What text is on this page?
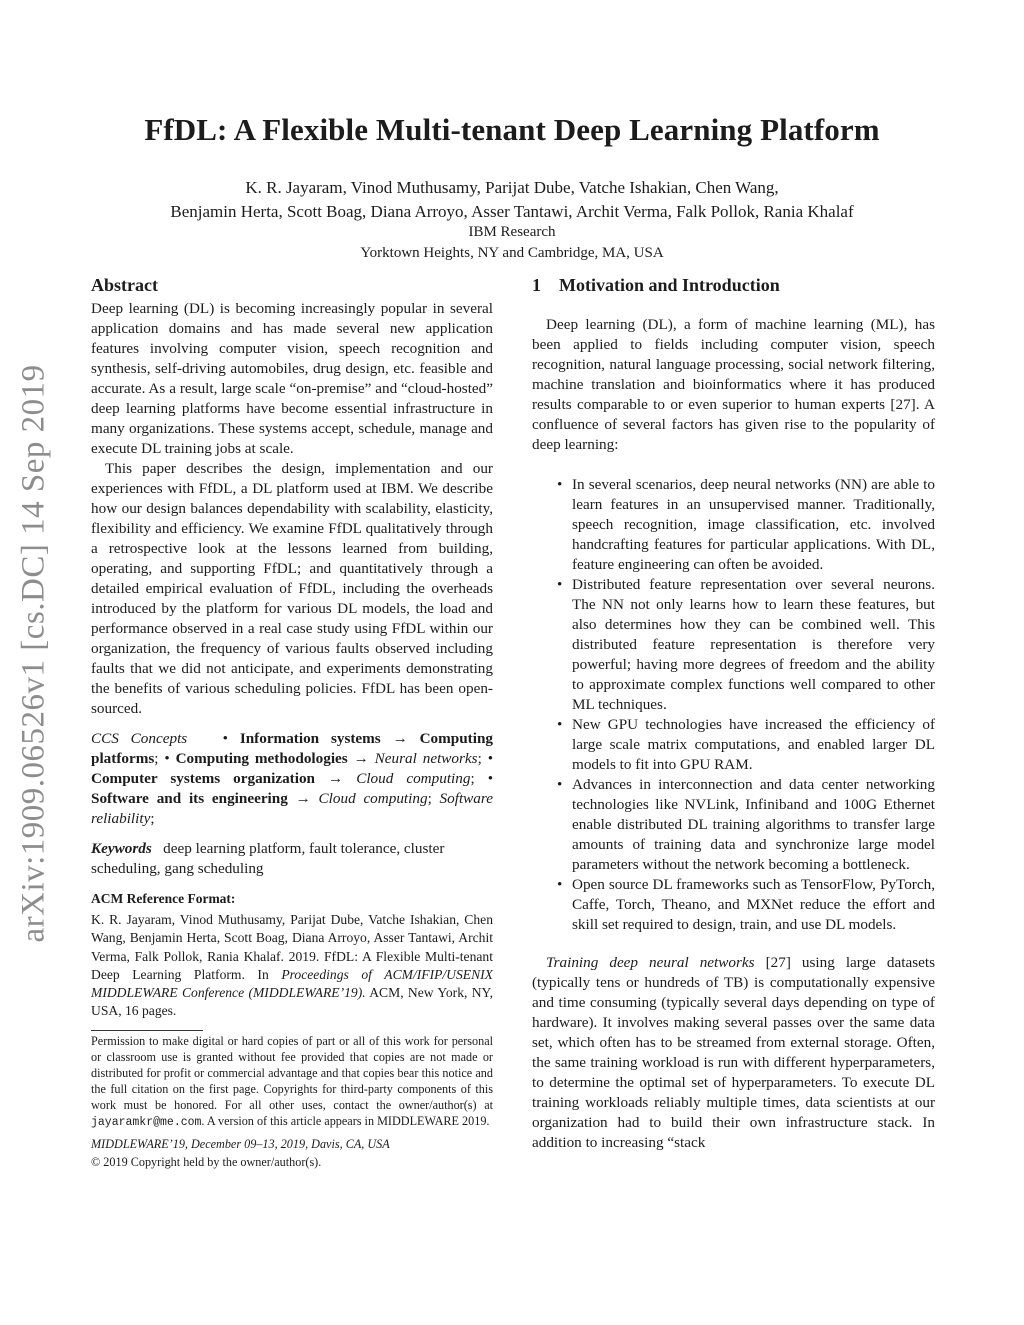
arXiv:1909.06526v1 [cs.DC] 14 Sep 2019
FfDL: A Flexible Multi-tenant Deep Learning Platform
K. R. Jayaram, Vinod Muthusamy, Parijat Dube, Vatche Ishakian, Chen Wang,
Benjamin Herta, Scott Boag, Diana Arroyo, Asser Tantawi, Archit Verma, Falk Pollok, Rania Khalaf
IBM Research
Yorktown Heights, NY and Cambridge, MA, USA
Abstract

Deep learning (DL) is becoming increasingly popular in several application domains and has made several new application features involving computer vision, speech recognition and synthesis, self-driving automobiles, drug design, etc. feasible and accurate. As a result, large scale “on-premise” and “cloud-hosted” deep learning platforms have become essential infrastructure in many organizations. These systems accept, schedule, manage and execute DL training jobs at scale.

This paper describes the design, implementation and our experiences with FfDL, a DL platform used at IBM. We describe how our design balances dependability with scalability, elasticity, flexibility and efficiency. We examine FfDL qualitatively through a retrospective look at the lessons learned from building, operating, and supporting FfDL; and quantitatively through a detailed empirical evaluation of FfDL, including the overheads introduced by the platform for various DL models, the load and performance observed in a real case study using FfDL within our organization, the frequency of various faults observed including faults that we did not anticipate, and experiments demonstrating the benefits of various scheduling policies. FfDL has been open-sourced.

CCS Concepts   • Information systems → Computing platforms; • Computing methodologies → Neural networks; • Computer systems organization → Cloud computing; • Software and its engineering → Cloud computing; Software reliability;

Keywords deep learning platform, fault tolerance, cluster scheduling, gang scheduling

ACM Reference Format:
K. R. Jayaram, Vinod Muthusamy, Parijat Dube, Vatche Ishakian, Chen Wang, Benjamin Herta, Scott Boag, Diana Arroyo, Asser Tantawi, Archit Verma, Falk Pollok, Rania Khalaf. 2019. FfDL: A Flexible Multi-tenant Deep Learning Platform. In Proceedings of ACM/IFIP/USENIX MIDDLEWARE Conference (MIDDLEWARE’19). ACM, New York, NY, USA, 16 pages.

Permission to make digital or hard copies of part or all of this work for personal or classroom use is granted without fee provided that copies are not made or distributed for profit or commercial advantage and that copies bear this notice and the full citation on the first page. Copyrights for third-party components of this work must be honored. For all other uses, contact the owner/author(s) at jayaramkr@me.com. A version of this article appears in MIDDLEWARE 2019.

MIDDLEWARE’19, December 09–13, 2019, Davis, CA, USA

© 2019 Copyright held by the owner/author(s).

1 Motivation and Introduction

Deep learning (DL), a form of machine learning (ML), has been applied to fields including computer vision, speech recognition, natural language processing, social network filtering, machine translation and bioinformatics where it has produced results comparable to or even superior to human experts [27]. A confluence of several factors has given rise to the popularity of deep learning:

• In several scenarios, deep neural networks (NN) are able to learn features in an unsupervised manner. Traditionally, speech recognition, image classification, etc. involved handcrafting features for particular applications. With DL, feature engineering can often be avoided.
• Distributed feature representation over several neurons. The NN not only learns how to learn these features, but also determines how they can be combined well. This distributed feature representation is therefore very powerful; having more degrees of freedom and the ability to approximate complex functions well compared to other ML techniques.
• New GPU technologies have increased the efficiency of large scale matrix computations, and enabled larger DL models to fit into GPU RAM.
• Advances in interconnection and data center networking technologies like NVLink, Infiniband and 100G Ethernet enable distributed DL training algorithms to transfer large amounts of training data and synchronize large model parameters without the network becoming a bottleneck.
• Open source DL frameworks such as TensorFlow, PyTorch, Caffe, Torch, Theano, and MXNet reduce the effort and skill set required to design, train, and use DL models.

Training deep neural networks [27] using large datasets (typically tens or hundreds of TB) is computationally expensive and time consuming (typically several days depending on type of hardware). It involves making several passes over the same data set, which often has to be streamed from external storage. Often, the same training workload is run with different hyperparameters, to determine the optimal set of hyperparameters. To execute DL training workloads reliably multiple times, data scientists at our organization had to build their own infrastructure stack. In addition to increasing “stack
